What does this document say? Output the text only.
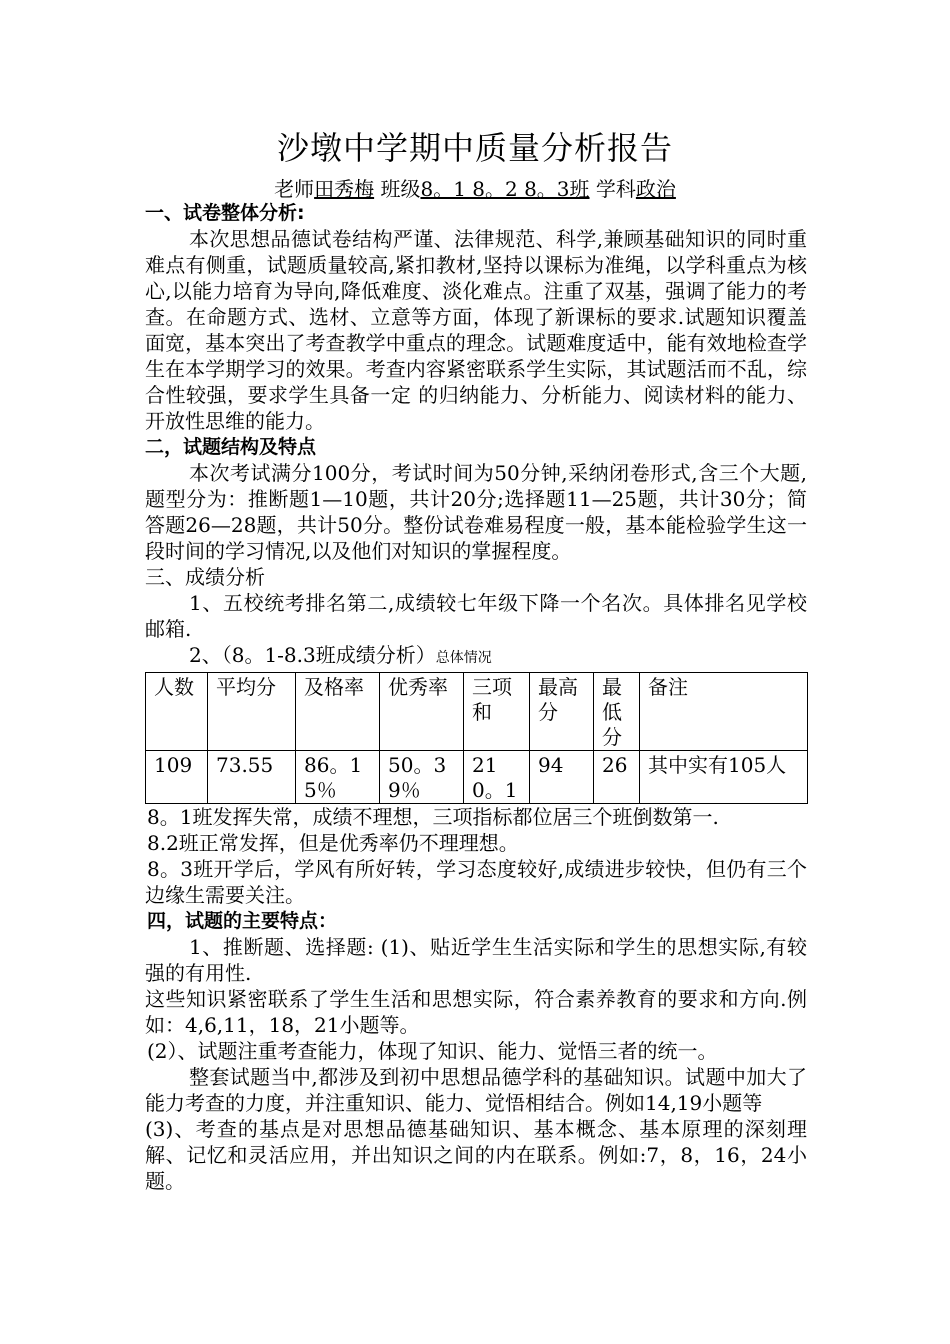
沙墩中学期中质量分析报告
老师田秀梅 班级8。1 8。2 8。3班 学科政治

一、试卷整体分析:

本次思想品德试卷结构严谨、法律规范、科学,兼顾基础知识的同时重难点有侧重，试题质量较高,紧扣教材,坚持以课标为准绳，以学科重点为核心,以能力培育为导向,降低难度、淡化难点。注重了双基，强调了能力的考查。在命题方式、选材、立意等方面，体现了新课标的要求.试题知识覆盖面宽，基本突出了考查教学中重点的理念。试题难度适中，能有效地检查学生在本学期学习的效果。考查内容紧密联系学生实际，其试题活而不乱，综合性较强，要求学生具备一定 的归纳能力、分析能力、阅读材料的能力、开放性思维的能力。

二，试题结构及特点

本次考试满分100分，考试时间为50分钟,采纳闭卷形式,含三个大题,题型分为：推断题1—10题，共计20分;选择题11—25题，共计30分；简答题26—28题，共计50分。整份试卷难易程度一般，基本能检验学生这一段时间的学习情况,以及他们对知识的掌握程度。

三、成绩分析

1、五校统考排名第二,成绩较七年级下降一个名次。具体排名见学校邮箱.

2、（8。1-8.3班成绩分析）总体情况

人数	平均分	及格率	优秀率	三项和	最高分	最低分	备注
109	73.55	86。15％	50。39％	210。1	94	26	其中实有105人

8。1班发挥失常，成绩不理想，三项指标都位居三个班倒数第一.

8.2班正常发挥，但是优秀率仍不理理想。

8。3班开学后，学风有所好转，学习态度较好,成绩进步较快，但仍有三个边缘生需要关注。

四，试题的主要特点：

1、推断题、选择题: (1)、贴近学生生活实际和学生的思想实际,有较强的有用性.

这些知识紧密联系了学生生活和思想实际，符合素养教育的要求和方向.例如：4,6,11，18，21小题等。

(2）、试题注重考查能力，体现了知识、能力、觉悟三者的统一。

整套试题当中,都涉及到初中思想品德学科的基础知识。试题中加大了能力考查的力度，并注重知识、能力、觉悟相结合。例如14,19小题等

(3)、考查的基点是对思想品德基础知识、基本概念、基本原理的深刻理解、记忆和灵活应用，并出知识之间的内在联系。例如:7，8，16，24小题。
